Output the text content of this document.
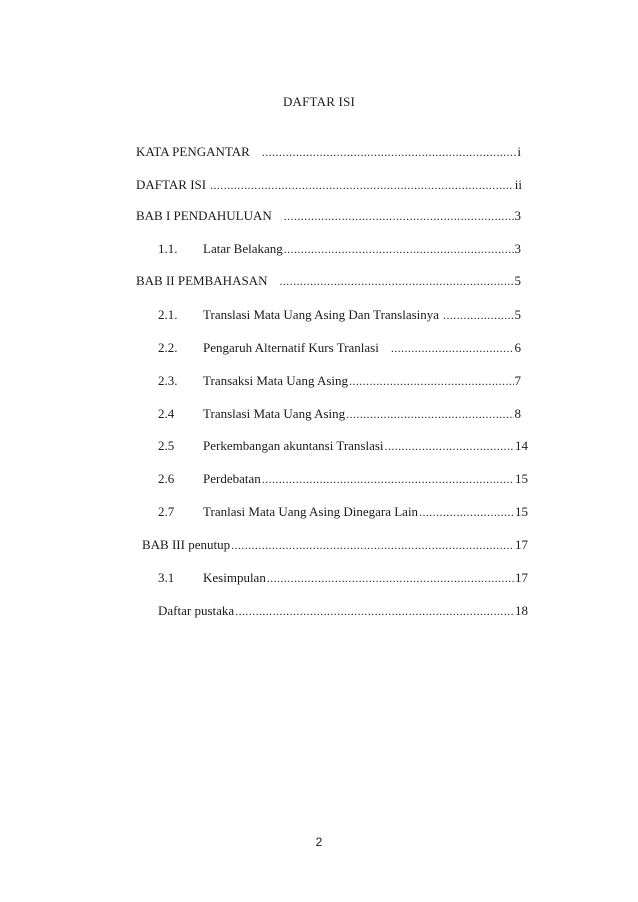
DAFTAR ISI
KATA PENGANTAR .....	i
DAFTAR ISI .....	ii
BAB I PENDAHULUAN .....	3
1.1.	Latar Belakang .....	3
BAB II PEMBAHASAN .....	5
2.1.	Translasi Mata Uang Asing Dan Translasinya .....	5
2.2.	Pengaruh Alternatif Kurs Tranlasi .....	6
2.3.	Transaksi Mata Uang Asing .....	7
2.4	Translasi Mata Uang Asing .....	8
2.5	Perkembangan akuntansi Translasi .....	14
2.6	Perdebatan .....	15
2.7	Tranlasi Mata Uang Asing Dinegara Lain .....	15
BAB III penutup .....	17
3.1	Kesimpulan .....	17
Daftar pustaka .....	18
2
